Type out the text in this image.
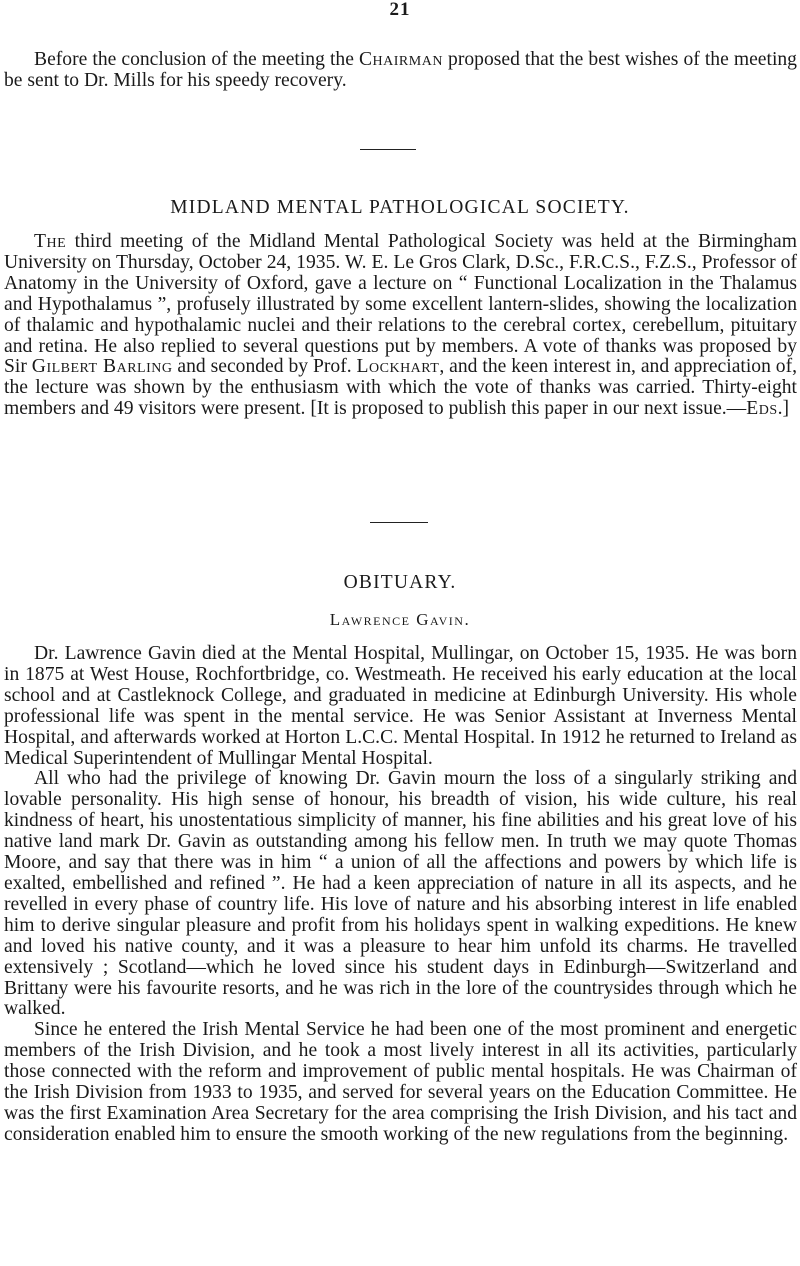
21

Before the conclusion of the meeting the Chairman proposed that the best wishes of the meeting be sent to Dr. Mills for his speedy recovery.

MIDLAND MENTAL PATHOLOGICAL SOCIETY.

The third meeting of the Midland Mental Pathological Society was held at the Birmingham University on Thursday, October 24, 1935. W. E. Le Gros Clark, D.Sc., F.R.C.S., F.Z.S., Professor of Anatomy in the University of Oxford, gave a lecture on “ Functional Localization in the Thalamus and Hypothalamus ”, profusely illustrated by some excellent lantern-slides, showing the localization of thalamic and hypothalamic nuclei and their relations to the cerebral cortex, cerebellum, pituitary and retina. He also replied to several questions put by members. A vote of thanks was proposed by Sir Gilbert Barling and seconded by Prof. Lockhart, and the keen interest in, and appreciation of, the lecture was shown by the enthusiasm with which the vote of thanks was carried. Thirty-eight members and 49 visitors were present. [It is proposed to publish this paper in our next issue.—Eds.]

OBITUARY.
Lawrence Gavin.

Dr. Lawrence Gavin died at the Mental Hospital, Mullingar, on October 15, 1935. He was born in 1875 at West House, Rochfortbridge, co. Westmeath. He received his early education at the local school and at Castleknock College, and graduated in medicine at Edinburgh University. His whole professional life was spent in the mental service. He was Senior Assistant at Inverness Mental Hospital, and afterwards worked at Horton L.C.C. Mental Hospital. In 1912 he returned to Ireland as Medical Superintendent of Mullingar Mental Hospital.

All who had the privilege of knowing Dr. Gavin mourn the loss of a singularly striking and lovable personality. His high sense of honour, his breadth of vision, his wide culture, his real kindness of heart, his unostentatious simplicity of manner, his fine abilities and his great love of his native land mark Dr. Gavin as outstanding among his fellow men. In truth we may quote Thomas Moore, and say that there was in him “ a union of all the affections and powers by which life is exalted, embellished and refined ”. He had a keen appreciation of nature in all its aspects, and he revelled in every phase of country life. His love of nature and his absorbing interest in life enabled him to derive singular pleasure and profit from his holidays spent in walking expeditions. He knew and loved his native county, and it was a pleasure to hear him unfold its charms. He travelled extensively ; Scotland—which he loved since his student days in Edinburgh—Switzerland and Brittany were his favourite resorts, and he was rich in the lore of the countrysides through which he walked.

Since he entered the Irish Mental Service he had been one of the most prominent and energetic members of the Irish Division, and he took a most lively interest in all its activities, particularly those connected with the reform and improvement of public mental hospitals. He was Chairman of the Irish Division from 1933 to 1935, and served for several years on the Education Committee. He was the first Examination Area Secretary for the area comprising the Irish Division, and his tact and consideration enabled him to ensure the smooth working of the new regulations from the beginning.
